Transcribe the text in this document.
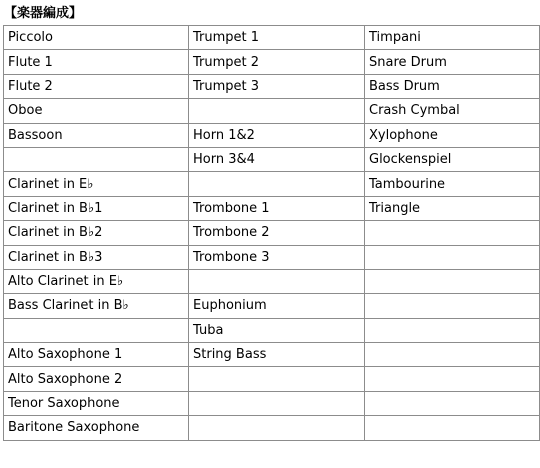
【楽器編成】
Piccolo	Trumpet 1	Timpani
Flute 1	Trumpet 2	Snare Drum
Flute 2	Trumpet 3	Bass Drum
Oboe		Crash Cymbal
Bassoon	Horn 1&2	Xylophone
	Horn 3&4	Glockenspiel
Clarinet in E♭		Tambourine
Clarinet in B♭1	Trombone 1	Triangle
Clarinet in B♭2	Trombone 2	
Clarinet in B♭3	Trombone 3	
Alto Clarinet in E♭		
Bass Clarinet in B♭	Euphonium	
	Tuba	
Alto Saxophone 1	String Bass	
Alto Saxophone 2		
Tenor Saxophone		
Baritone Saxophone		
